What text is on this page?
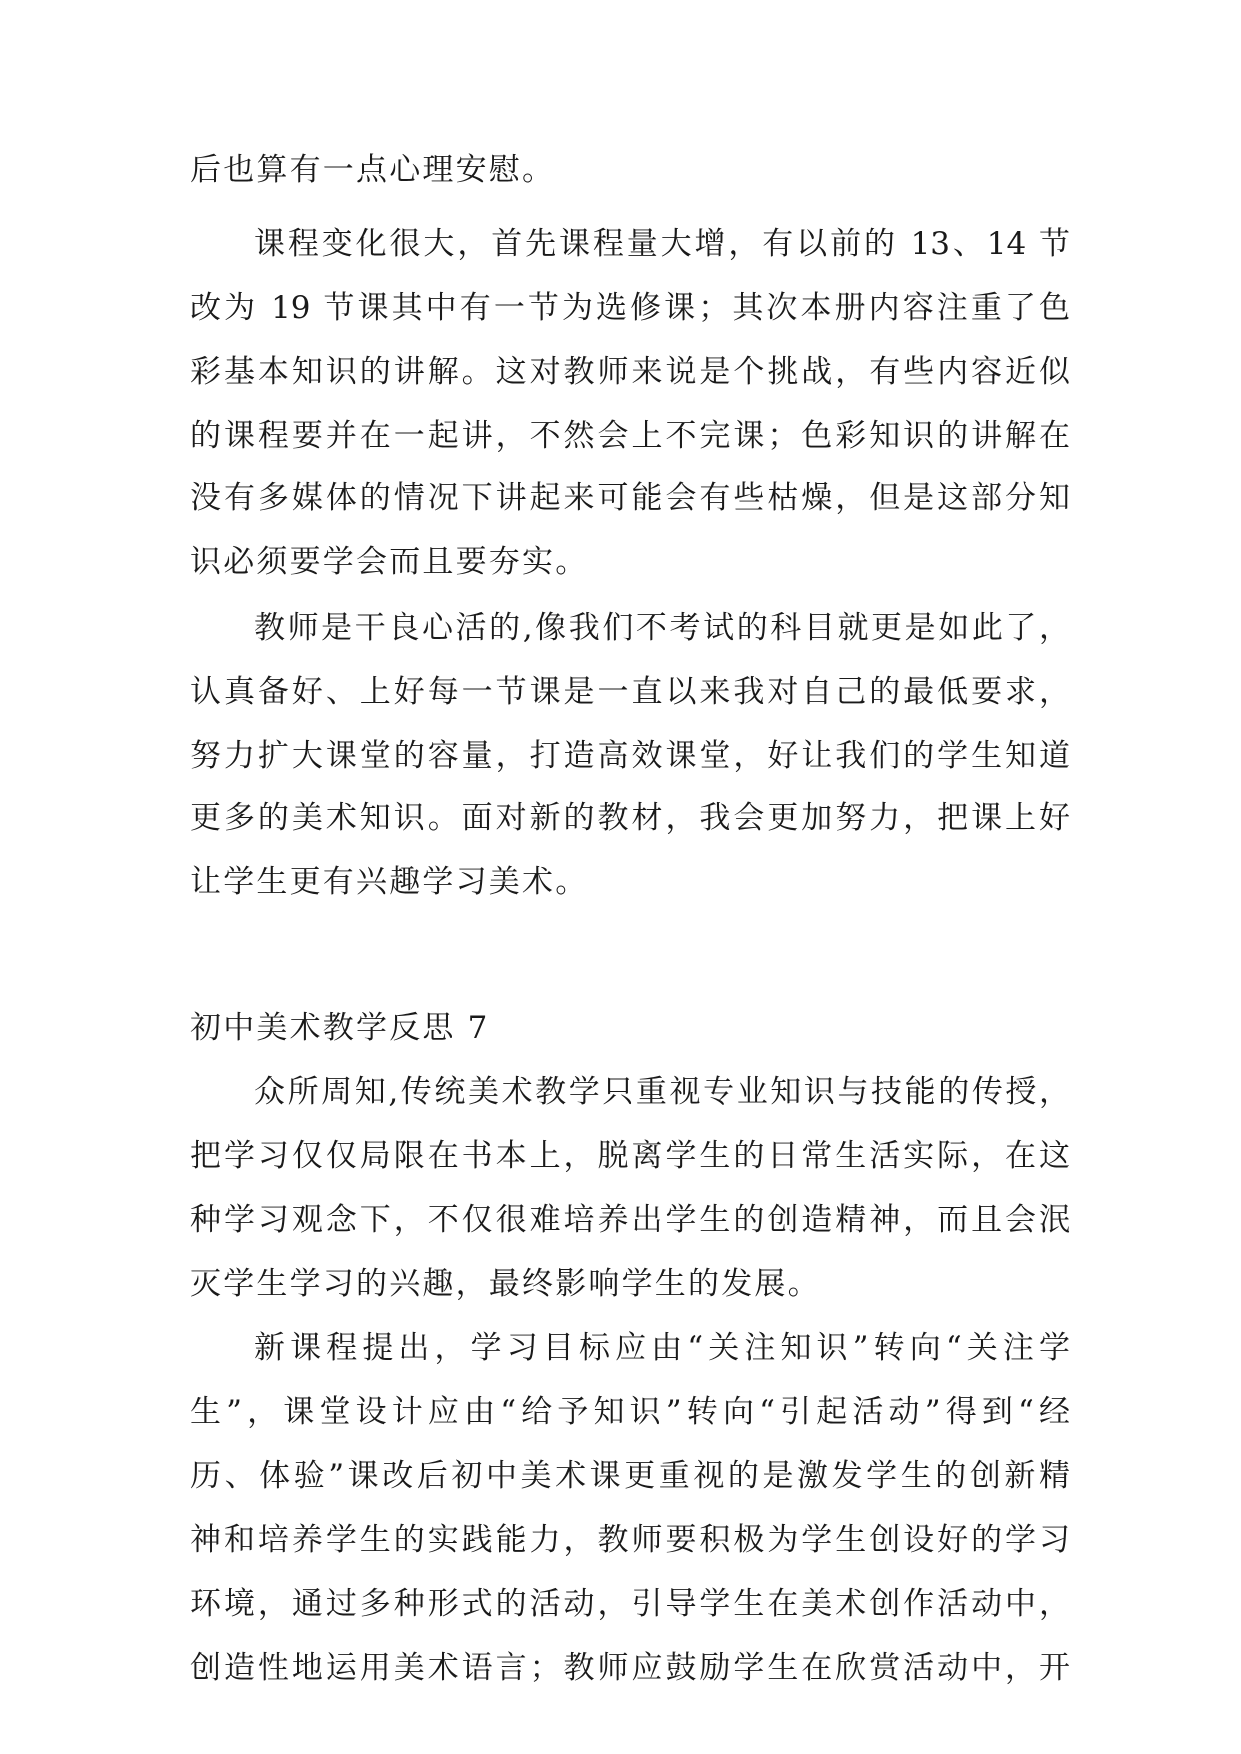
后也算有一点心理安慰。
课程变化很大，首先课程量大增，有以前的 13、14 节
改为 19 节课其中有一节为选修课；其次本册内容注重了色
彩基本知识的讲解。这对教师来说是个挑战，有些内容近似
的课程要并在一起讲，不然会上不完课；色彩知识的讲解在
没有多媒体的情况下讲起来可能会有些枯燥，但是这部分知
识必须要学会而且要夯实。
教师是干良心活的,像我们不考试的科目就更是如此了，
认真备好、上好每一节课是一直以来我对自己的最低要求，
努力扩大课堂的容量，打造高效课堂，好让我们的学生知道
更多的美术知识。面对新的教材，我会更加努力，把课上好
让学生更有兴趣学习美术。
初中美术教学反思 7
众所周知,传统美术教学只重视专业知识与技能的传授，
把学习仅仅局限在书本上，脱离学生的日常生活实际，在这
种学习观念下，不仅很难培养出学生的创造精神，而且会泯
灭学生学习的兴趣，最终影响学生的发展。
新课程提出，学习目标应由“关注知识”转向“关注学
生”，课堂设计应由“给予知识”转向“引起活动”得到“经
历、体验”课改后初中美术课更重视的是激发学生的创新精
神和培养学生的实践能力，教师要积极为学生创设好的学习
环境，通过多种形式的活动，引导学生在美术创作活动中，
创造性地运用美术语言；教师应鼓励学生在欣赏活动中，开
